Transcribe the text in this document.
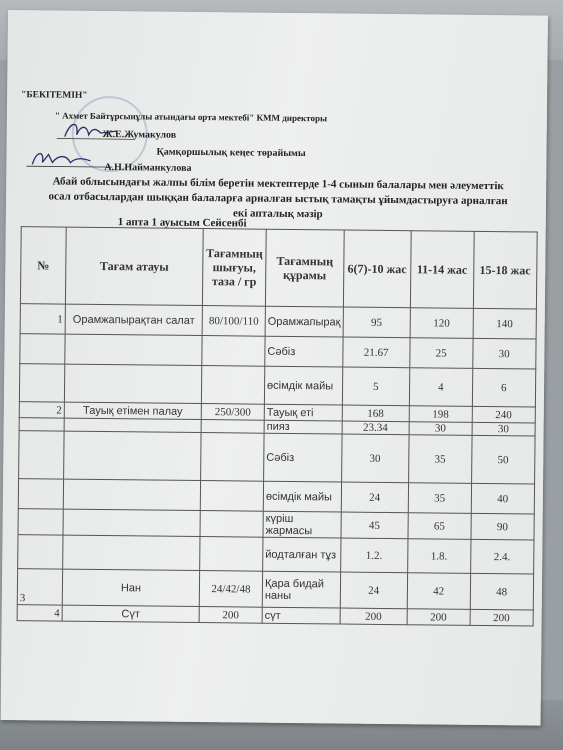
"БЕКІТЕМІН"
" Ахмет Байтұрсынұлы атындағы орта мектебі" КММ директоры
Ж.Е.Жумакулов
Қамқоршылық кеңес төрайымы
А.Н.Найманкулова
Абай облысындағы жалпы білім беретін мектептерде 1-4 сынып балалары мен әлеуметтік
осал отбасылардан шыққан балаларға арналған ыстық тамақты ұйымдастыруға арналған
екі апталық мәзір
1 апта 1 ауысым Сейсенбі
№	Тағам атауы	Тағамның шығуы, таза / гр	Тағамның құрамы	6(7)-10 жас	11-14 жас	15-18 жас
1	Орамжапырақтан салат	80/100/110	Орамжапырақ	95	120	140
			Сәбіз	21.67	25	30
			өсімдік майы	5	4	6
2	Тауық етімен палау	250/300	Тауық еті	168	198	240
			пияз	23.34	30	30
			Сәбіз	30	35	50
			өсімдік майы	24	35	40
			күріш жармасы	45	65	90
			йодталған тұз	1.2.	1.8.	2.4.
3	Нан	24/42/48	Қара бидай наны	24	42	48
4	Сүт	200	сүт	200	200	200
